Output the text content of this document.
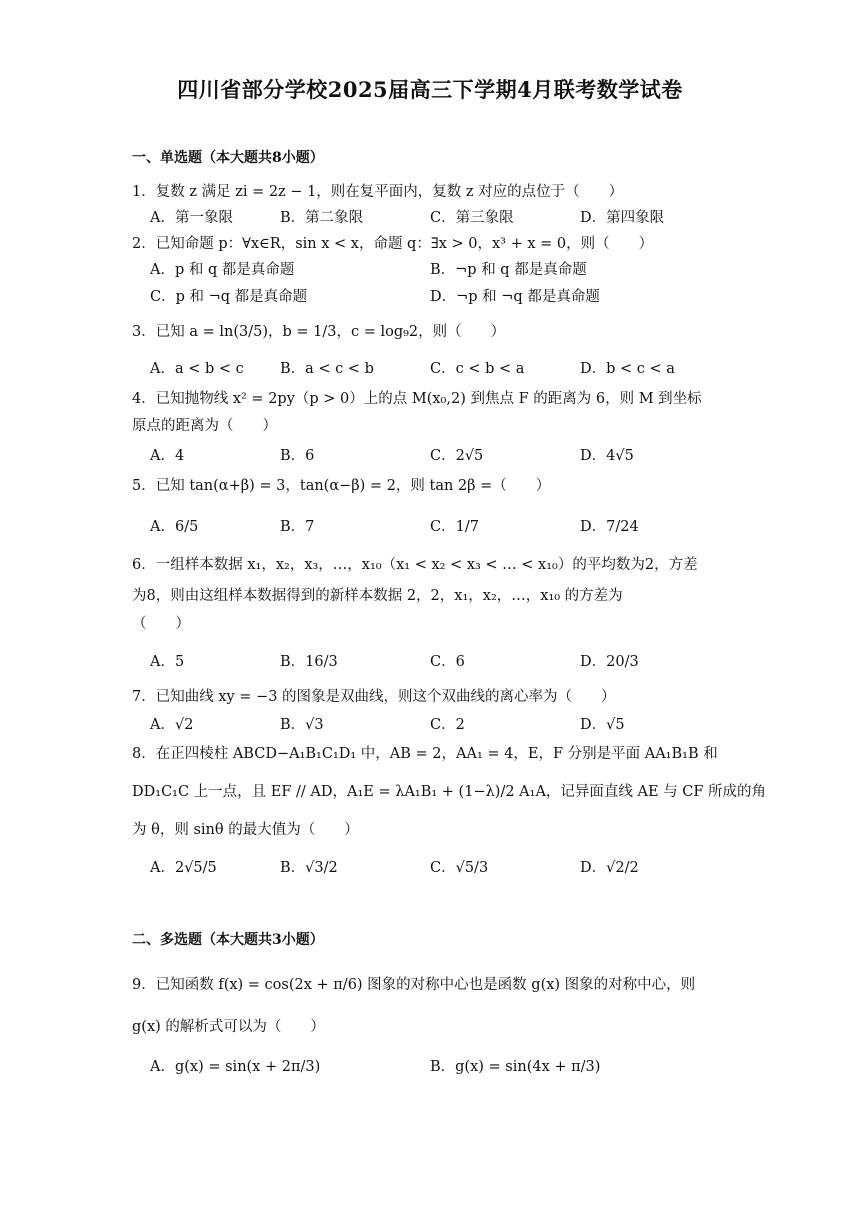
四川省部分学校2025届高三下学期4月联考数学试卷
一、单选题（本大题共8小题）
1．复数 z 满足 zi = 2z − 1，则在复平面内，复数 z 对应的点位于（　　）
A．第一象限	B．第二象限	C．第三象限	D．第四象限
2．已知命题 p：∀x∈R，sin x < x，命题 q：∃x > 0，x³ + x = 0，则（　　）
A．p 和 q 都是真命题	B．¬p 和 q 都是真命题
C．p 和 ¬q 都是真命题	D．¬p 和 ¬q 都是真命题
3．已知 a = ln(3/5)，b = 1/3，c = log₉2，则（　　）
A．a < b < c B．a < c < b	C．c < b < a	D．b < c < a
4．已知抛物线 x² = 2py（p > 0）上的点 M(x₀,2) 到焦点 F 的距离为 6，则 M 到坐标
原点的距离为（　　）
A．4	B．6	C．2√5	D．4√5
5．已知 tan(α+β) = 3，tan(α−β) = 2，则 tan 2β =（　　）
A．6/5	B．7	C．1/7	D．7/24
6．一组样本数据 x₁，x₂，x₃，…，x₁₀（x₁ < x₂ < x₃ < … < x₁₀）的平均数为2，方差
为8，则由这组样本数据得到的新样本数据 2，2，x₁，x₂，…，x₁₀ 的方差为
（　　）
A．5	B．16/3	C．6	D．20/3
7．已知曲线 xy = −3 的图象是双曲线，则这个双曲线的离心率为（　　）
A．√2	B．√3	C．2	D．√5
8．在正四棱柱 ABCD−A₁B₁C₁D₁ 中，AB = 2，AA₁ = 4，E，F 分别是平面 AA₁B₁B 和
DD₁C₁C 上一点，且 EF // AD，A₁E = λA₁B₁ + (1−λ)/2 A₁A，记异面直线 AE 与 CF 所成的角
为 θ，则 sinθ 的最大值为（　　）
A．2√5/5	B．√3/2	C．√5/3	D．√2/2
二、多选题（本大题共3小题）
9．已知函数 f(x) = cos(2x + π/6) 图象的对称中心也是函数 g(x) 图象的对称中心，则
g(x) 的解析式可以为（　　）
A．g(x) = sin(x + 2π/3)	B．g(x) = sin(4x + π/3)
